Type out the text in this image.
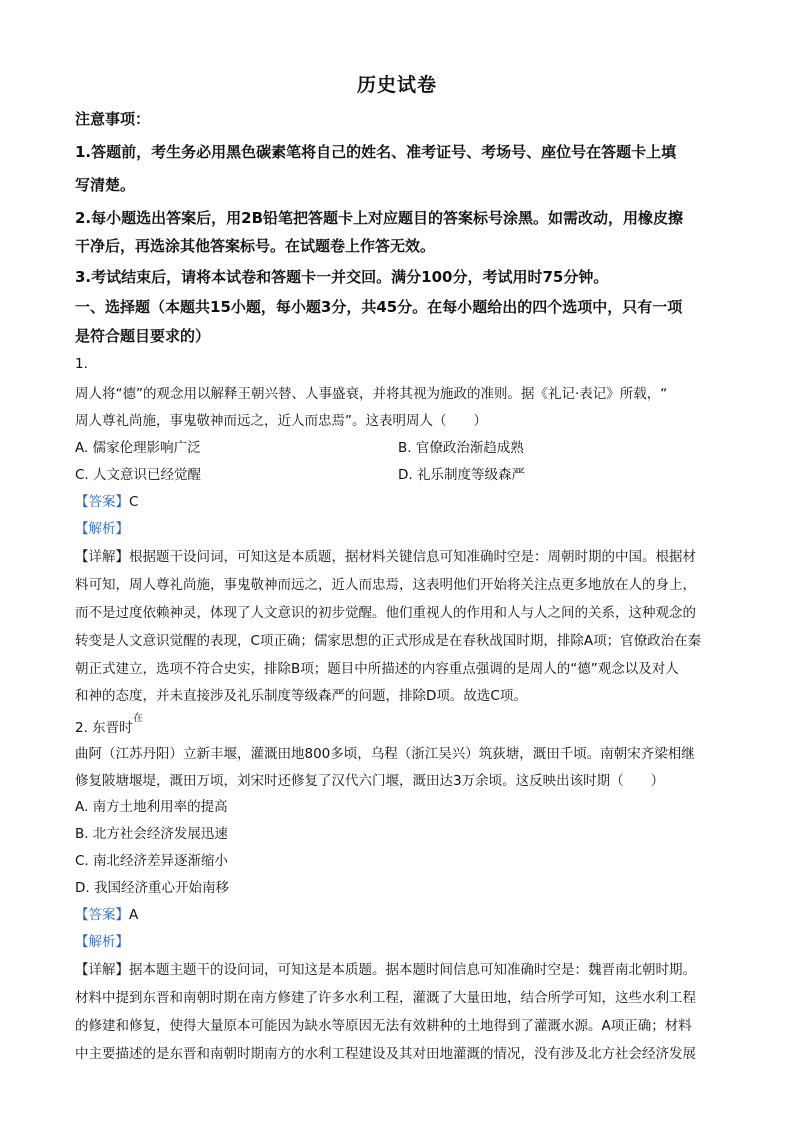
历史试卷
注意事项：
1.答题前，考生务必用黑色碳素笔将自己的姓名、准考证号、考场号、座位号在答题卡上填
写清楚。
2.每小题选出答案后，用2B铅笔把答题卡上对应题目的答案标号涂黑。如需改动，用橡皮擦
干净后，再选涂其他答案标号。在试题卷上作答无效。
3.考试结束后，请将本试卷和答题卡一并交回。满分100分，考试用时75分钟。
一、选择题（本题共15小题，每小题3分，共45分。在每小题给出的四个选项中，只有一项
是符合题目要求的）
1.
周人将“德”的观念用以解释王朝兴替、人事盛衰，并将其视为施政的准则。据《礼记·表记》所载，“
周人尊礼尚施，事鬼敬神而远之，近人而忠焉”。这表明周人（　　）
A. 儒家伦理影响广泛	B. 官僚政治渐趋成熟
C. 人文意识已经觉醒	D. 礼乐制度等级森严
【答案】C
【解析】
【详解】根据题干设问词，可知这是本质题，据材料关键信息可知准确时空是：周朝时期的中国。根据材
料可知，周人尊礼尚施，事鬼敬神而远之，近人而忠焉，这表明他们开始将关注点更多地放在人的身上，
而不是过度依赖神灵，体现了人文意识的初步觉醒。他们重视人的作用和人与人之间的关系，这种观念的
转变是人文意识觉醒的表现，C项正确；儒家思想的正式形成是在春秋战国时期，排除A项；官僚政治在秦
朝正式建立，选项不符合史实，排除B项；题目中所描述的内容重点强调的是周人的“德”观念以及对人
和神的态度，并未直接涉及礼乐制度等级森严的问题，排除D项。故选C项。
2. 东晋时
在
曲阿（江苏丹阳）立新丰堰，灌溉田地800多顷，乌程（浙江吴兴）筑荻塘，溉田千顷。南朝宋齐梁相继
修复陂塘堰堤，溉田万顷，刘宋时还修复了汉代六门堰，溉田达3万余顷。这反映出该时期（　　）
A. 南方土地利用率的提高
B. 北方社会经济发展迅速
C. 南北经济差异逐渐缩小
D. 我国经济重心开始南移
【答案】A
【解析】
【详解】据本题主题干的设问词，可知这是本质题。据本题时间信息可知准确时空是：魏晋南北朝时期。
材料中提到东晋和南朝时期在南方修建了许多水利工程，灌溉了大量田地，结合所学可知，这些水利工程
的修建和修复，使得大量原本可能因为缺水等原因无法有效耕种的土地得到了灌溉水源。A项正确；材料
中主要描述的是东晋和南朝时期南方的水利工程建设及其对田地灌溉的情况，没有涉及北方社会经济发展
